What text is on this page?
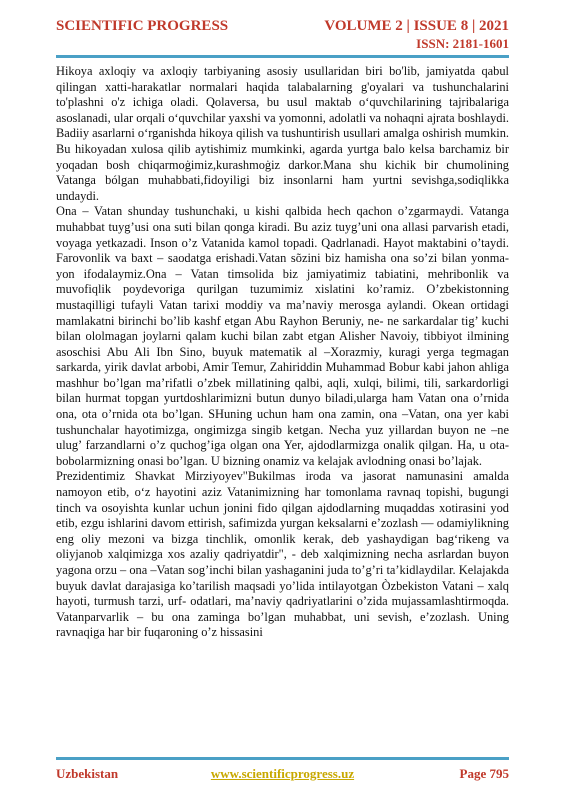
SCIENTIFIC PROGRESS	VOLUME 2 | ISSUE 8 | 2021
ISSN: 2181-1601

Hikoya axloqiy va axloqiy tarbiyaning asosiy usullaridan biri bo'lib, jamiyatda qabul qilingan xatti-harakatlar normalari haqida talabalarning g'oyalari va tushunchalarini to'plashni o'z ichiga oladi. Qolaversa, bu usul maktab o‘quvchilarining tajribalariga asoslanadi, ular orqali o‘quvchilar yaxshi va yomonni, adolatli va nohaqni ajrata boshlaydi. Badiiy asarlarni o‘rganishda hikoya qilish va tushuntirish usullari amalga oshirish mumkin.

Bu hikoyadan xulosa qilib aytishimiz mumkinki, agarda yurtga balo kelsa barchamiz bir yoqadan bosh chiqarmoġimiz,kurashmoġiz darkor.Mana shu kichik bir chumolining Vatanga bólgan muhabbati,fidoyiligi biz insonlarni ham yurtni sevishga,sodiqlikka undaydi.

Ona – Vatan shunday tushunchaki, u kishi qalbida hech qachon o’zgarmaydi. Vatanga muhabbat tuyg’usi ona suti bilan qonga kiradi. Bu aziz tuyg’uni ona allasi parvarish etadi, voyaga yetkazadi. Inson o’z Vatanida kamol topadi. Qadrlanadi. Hayot maktabini o’taydi. Farovonlik va baxt – saodatga erishadi.Vatan sõzini biz hamisha ona so’zi bilan yonma- yon ifodalaymiz.Ona – Vatan timsolida biz jamiyatimiz tabiatini, mehribonlik va muvofiqlik poydevoriga qurilgan tuzumimiz xislatini ko’ramiz. O’zbekistonning mustaqilligi tufayli Vatan tarixi moddiy va ma’naviy merosga aylandi. Okean ortidagi mamlakatni birinchi bo’lib kashf etgan Abu Rayhon Beruniy, ne- ne sarkardalar tig’ kuchi bilan ololmagan joylarni qalam kuchi bilan zabt etgan Alisher Navoiy, tibbiyot ilmining asoschisi Abu Ali Ibn Sino, buyuk matematik al –Xorazmiy, kuragi yerga tegmagan sarkarda, yirik davlat arbobi, Amir Temur, Zahiriddin Muhammad Bobur kabi jahon ahliga mashhur bo’lgan ma’rifatli o’zbek millatining qalbi, aqli, xulqi, bilimi, tili, sarkardorligi bilan hurmat topgan yurtdoshlarimizni butun dunyo biladi,ularga ham Vatan ona o’rnida ona, ota o’rnida ota bo’lgan. SHuning uchun ham ona zamin, ona –Vatan, ona yer kabi tushunchalar hayotimizga, ongimizga singib ketgan. Necha yuz yillardan buyon ne –ne ulug’ farzandlarni o’z quchog’iga olgan ona Yer, ajdodlarmizga onalik qilgan. Ha, u ota- bobolarmizning onasi bo’lgan. U bizning onamiz va kelajak avlodning onasi bo’lajak.

Prezidentimiz Shavkat Mirziyoyev"Bukilmas iroda va jasorat namunasini amalda namoyon etib, o‘z hayotini aziz Vatanimizning har tomonlama ravnaq topishi, bugungi tinch va osoyishta kunlar uchun jonini fido qilgan ajdodlarning muqaddas xotirasini yod etib, ezgu ishlarini davom ettirish, safimizda yurgan keksalarni e’zozlash — odamiylikning eng oliy mezoni va bizga tinchlik, omonlik kerak, deb yashaydigan bag‘rikeng va oliyjanob xalqimizga xos azaliy qadriyatdir", - deb xalqimizning necha asrlardan buyon yagona orzu – ona –Vatan sog’inchi bilan yashaganini juda to’g’ri ta’kidlaydilar. Kelajakda buyuk davlat darajasiga ko’tarilish maqsadi yo’lida intilayotgan Òzbekiston Vatani – xalq hayoti, turmush tarzi, urf- odatlari, ma’naviy qadriyatlarini o’zida mujassamlashtirmoqda. Vatanparvarlik – bu ona zaminga bo’lgan muhabbat, uni sevish, e’zozlash. Uning ravnaqiga har bir fuqaroning o’z hissasini

Uzbekistan	www.scientificprogress.uz	Page 795
